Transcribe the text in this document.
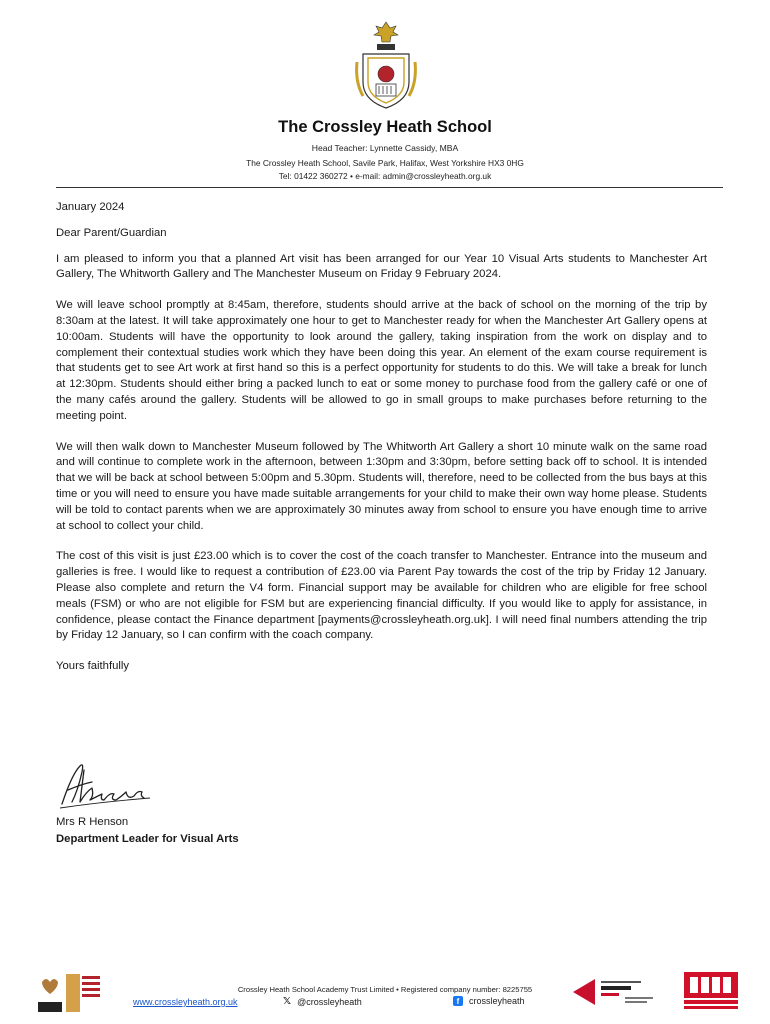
The Crossley Heath School
Head Teacher: Lynnette Cassidy, MBA
The Crossley Heath School, Savile Park, Halifax, West Yorkshire HX3 0HG
Tel: 01422 360272 • e-mail: admin@crossleyheath.org.uk

January 2024

Dear Parent/Guardian

I am pleased to inform you that a planned Art visit has been arranged for our Year 10 Visual Arts students to Manchester Art Gallery, The Whitworth Gallery and The Manchester Museum on Friday 9 February 2024.

We will leave school promptly at 8:45am, therefore, students should arrive at the back of school on the morning of the trip by 8:30am at the latest. It will take approximately one hour to get to Manchester ready for when the Manchester Art Gallery opens at 10:00am. Students will have the opportunity to look around the gallery, taking inspiration from the work on display and to complement their contextual studies work which they have been doing this year. An element of the exam course requirement is that students get to see Art work at first hand so this is a perfect opportunity for students to do this. We will take a break for lunch at 12:30pm. Students should either bring a packed lunch to eat or some money to purchase food from the gallery café or one of the many cafés around the gallery. Students will be allowed to go in small groups to make purchases before returning to the meeting point.

We will then walk down to Manchester Museum followed by The Whitworth Art Gallery a short 10 minute walk on the same road and will continue to complete work in the afternoon, between 1:30pm and 3:30pm, before setting back off to school. It is intended that we will be back at school between 5:00pm and 5.30pm. Students will, therefore, need to be collected from the bus bays at this time or you will need to ensure you have made suitable arrangements for your child to make their own way home please. Students will be told to contact parents when we are approximately 30 minutes away from school to ensure you have enough time to arrive at school to collect your child.

The cost of this visit is just £23.00 which is to cover the cost of the coach transfer to Manchester. Entrance into the museum and galleries is free. I would like to request a contribution of £23.00 via Parent Pay towards the cost of the trip by Friday 12 January. Please also complete and return the V4 form. Financial support may be available for children who are eligible for free school meals (FSM) or who are not eligible for FSM but are experiencing financial difficulty. If you would like to apply for assistance, in confidence, please contact the Finance department [payments@crossleyheath.org.uk]. I will need final numbers attending the trip by Friday 12 January, so I can confirm with the coach company.

Yours faithfully

Mrs R Henson
Department Leader for Visual Arts
Crossley Heath School Academy Trust Limited • Registered company number: 8225755
www.crossleyheath.org.uk	𝕏 @crossleyheath	f	crossleyheath
